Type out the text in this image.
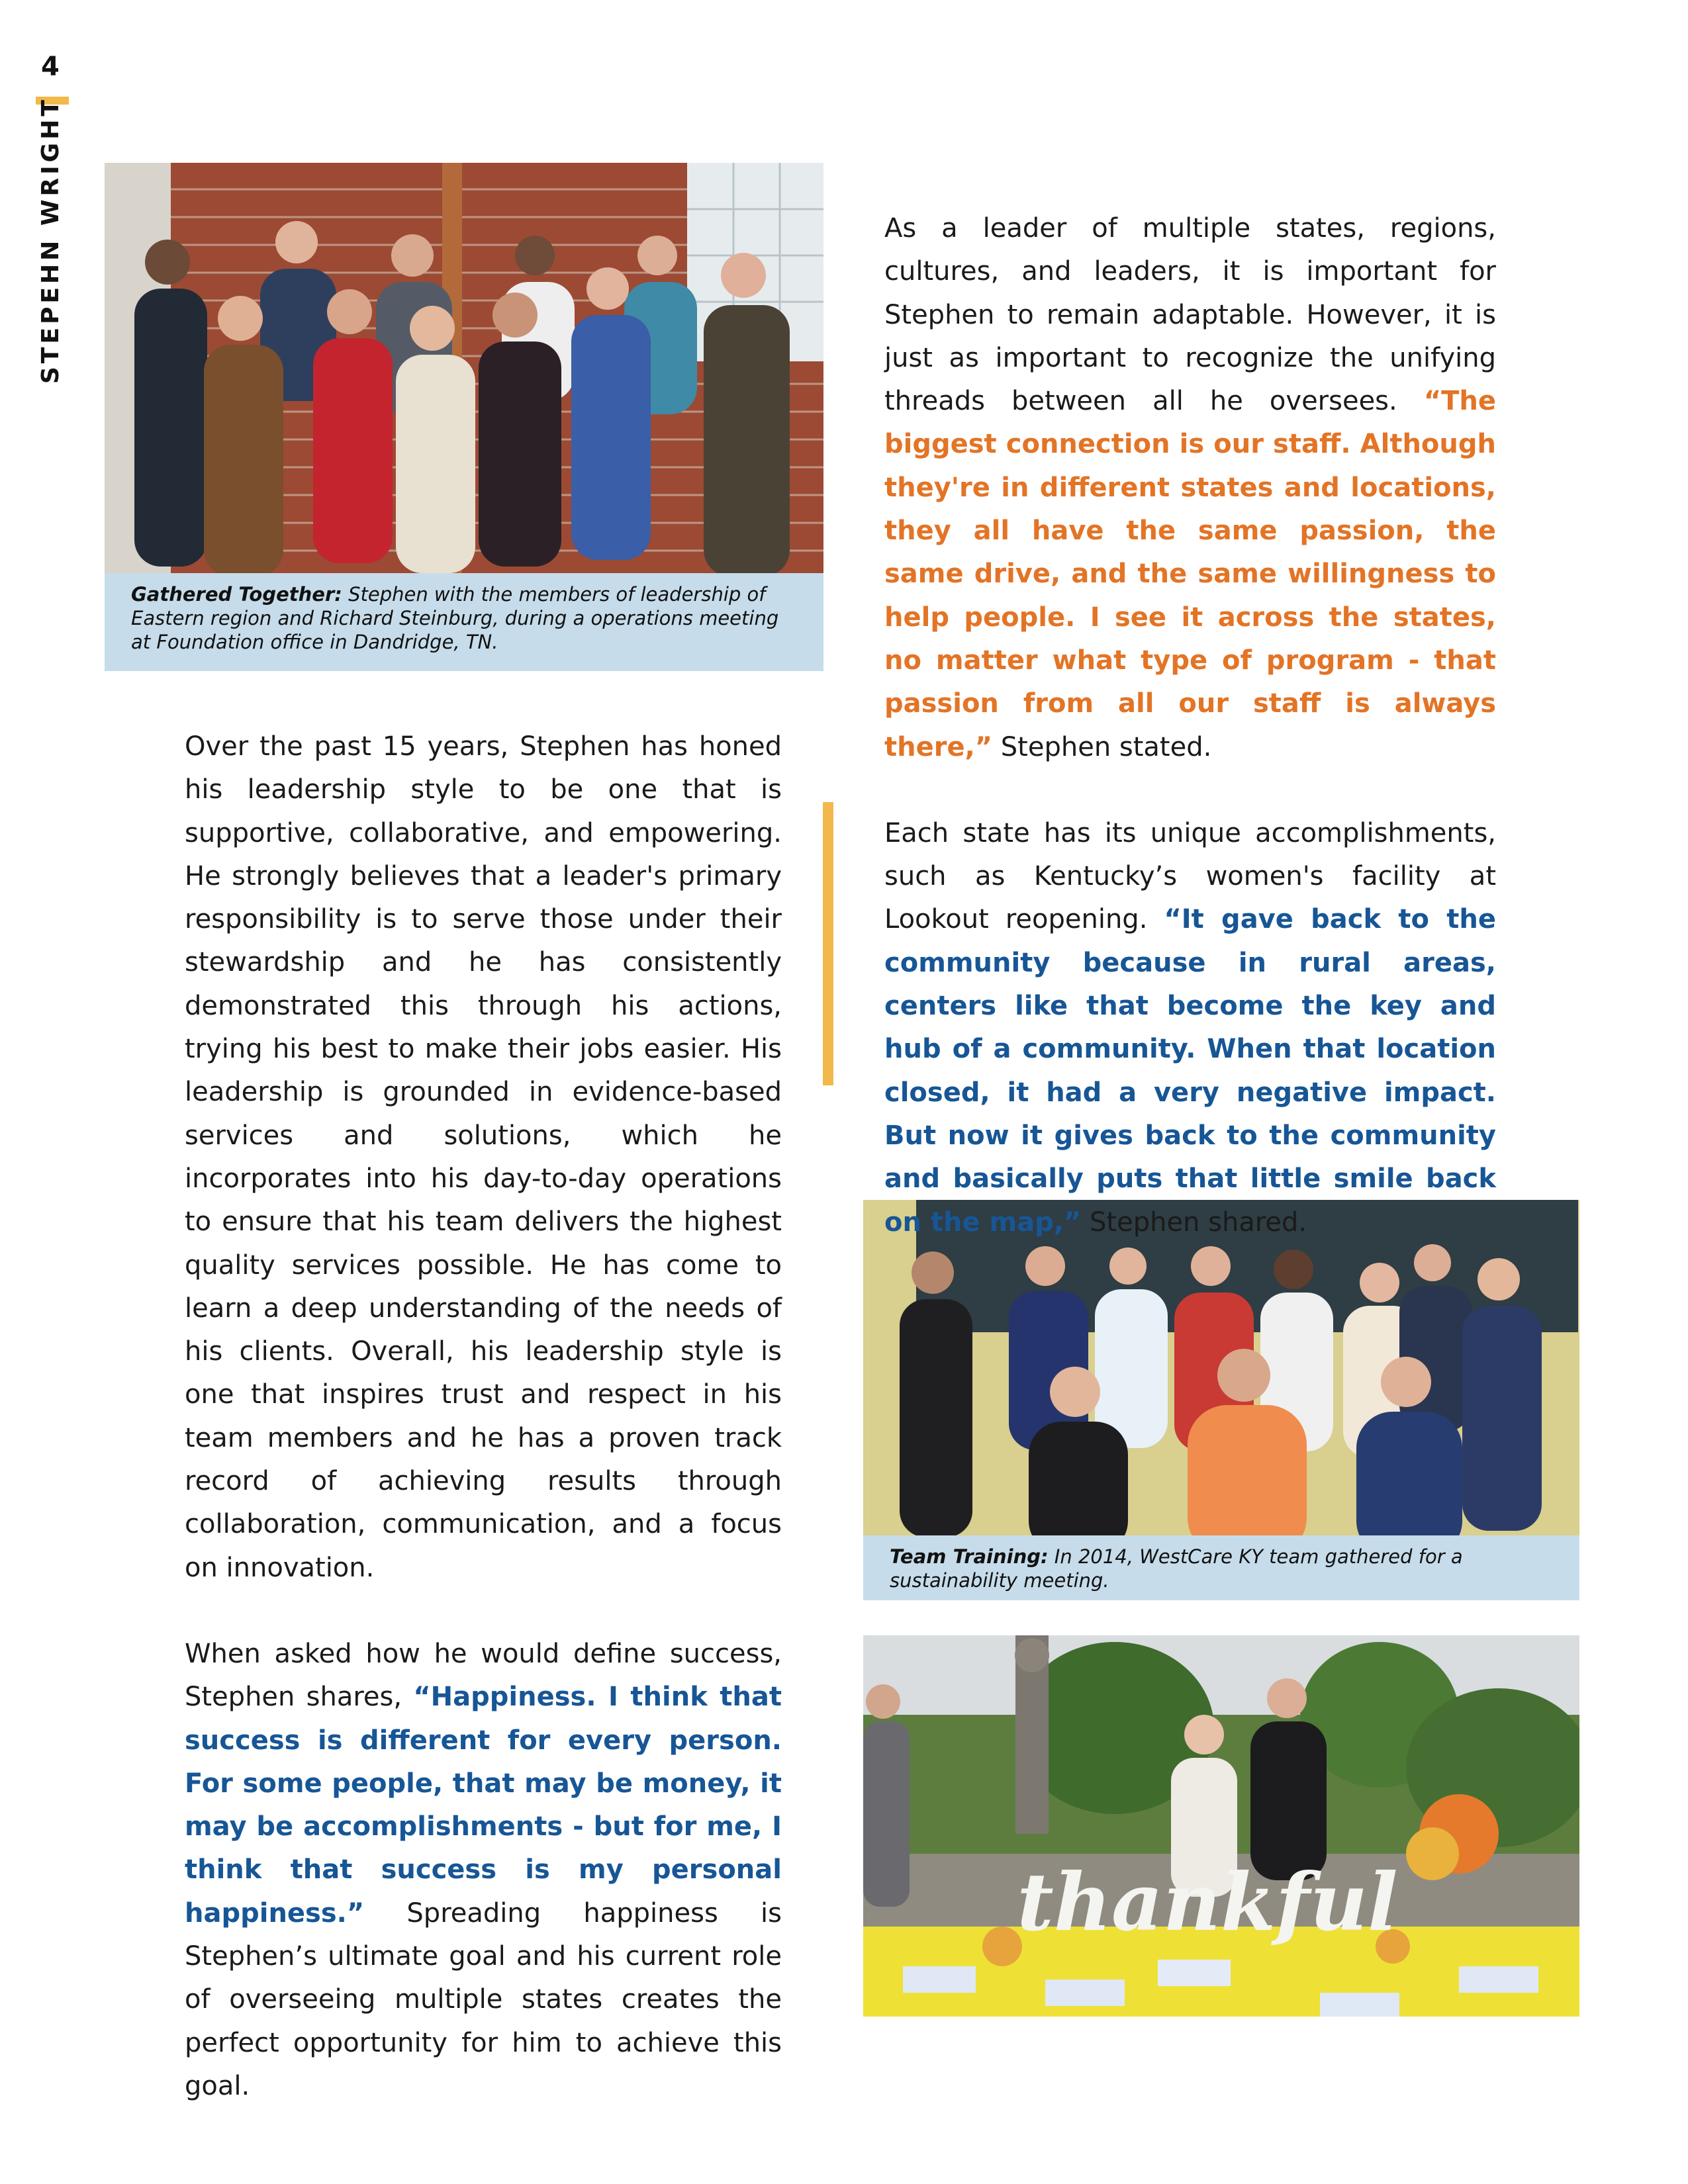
4
STEPEHN WRIGHT
Gathered Together: Stephen with the members of leadership of Eastern region and Richard Steinburg, during a operations meeting at Foundation office in Dandridge, TN.
Team Training: In 2014, WestCare KY team gathered for a sustainability meeting.
thankful

Over the past 15 years, Stephen has honed his leadership style to be one that is supportive, collaborative, and empowering. He strongly believes that a leader's primary responsibility is to serve those under their stewardship and he has consistently demonstrated this through his actions, trying his best to make their jobs easier. His leadership is grounded in evidence-based services and solutions, which he incorporates into his day-to-day operations to ensure that his team delivers the highest quality services possible. He has come to learn a deep understanding of the needs of his clients. Overall, his leadership style is one that inspires trust and respect in his team members and he has a proven track record of achieving results through collaboration, communication, and a focus on innovation.

When asked how he would define success, Stephen shares, “Happiness. I think that success is different for every person. For some people, that may be money, it may be accomplishments - but for me, I think that success is my personal happiness.” Spreading happiness is Stephen’s ultimate goal and his current role of overseeing multiple states creates the perfect opportunity for him to achieve this goal.

As a leader of multiple states, regions, cultures, and leaders, it is important for Stephen to remain adaptable. However, it is just as important to recognize the unifying threads between all he oversees. “The biggest connection is our staff. Although they're in different states and locations, they all have the same passion, the same drive, and the same willingness to help people. I see it across the states, no matter what type of program - that passion from all our staff is always there,” Stephen stated.

Each state has its unique accomplishments, such as Kentucky’s women's facility at Lookout reopening. “It gave back to the community because in rural areas, centers like that become the key and hub of a community. When that location closed, it had a very negative impact. But now it gives back to the community and basically puts that little smile back on the map,” Stephen shared.
